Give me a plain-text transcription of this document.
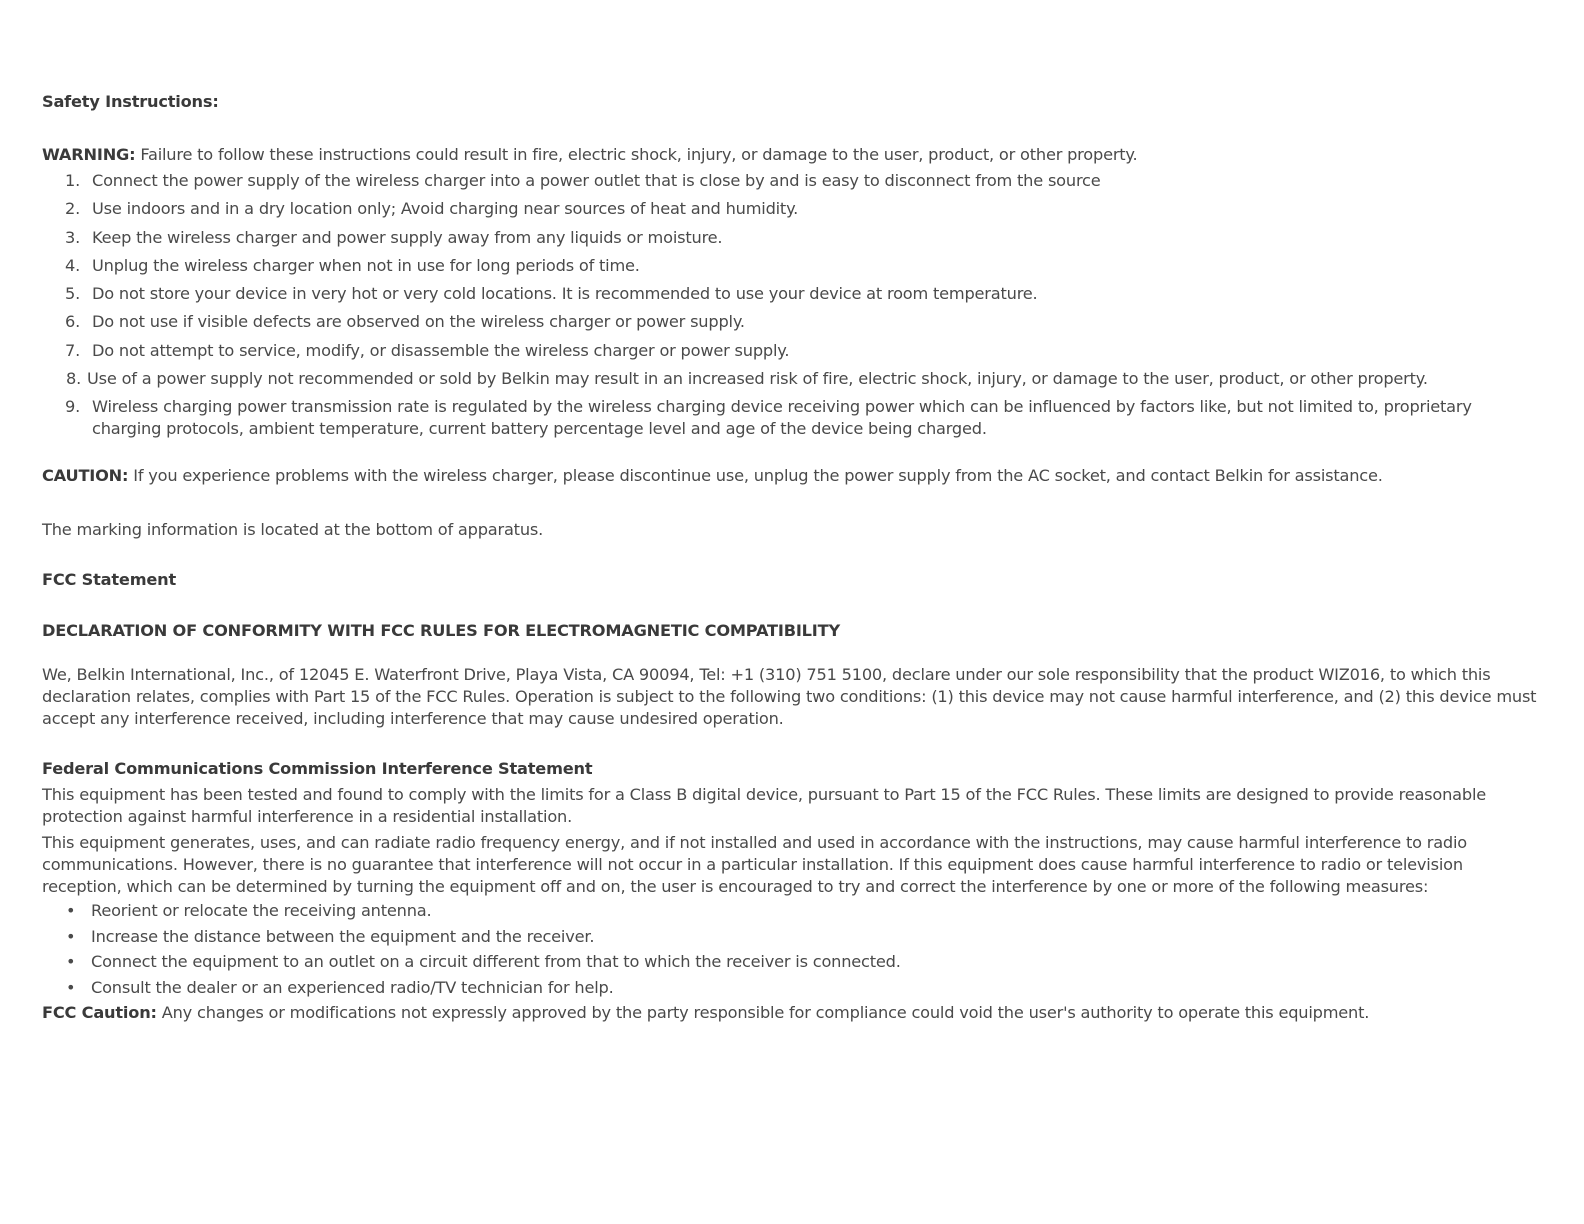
Safety Instructions:

WARNING: Failure to follow these instructions could result in fire, electric shock, injury, or damage to the user, product, or other property.

1. Connect the power supply of the wireless charger into a power outlet that is close by and is easy to disconnect from the source
2. Use indoors and in a dry location only; Avoid charging near sources of heat and humidity.
3. Keep the wireless charger and power supply away from any liquids or moisture.
4. Unplug the wireless charger when not in use for long periods of time.
5. Do not store your device in very hot or very cold locations. It is recommended to use your device at room temperature.
6. Do not use if visible defects are observed on the wireless charger or power supply.
7. Do not attempt to service, modify, or disassemble the wireless charger or power supply.
8. Use of a power supply not recommended or sold by Belkin may result in an increased risk of fire, electric shock, injury, or damage to the user, product, or other property.
9. Wireless charging power transmission rate is regulated by the wireless charging device receiving power which can be influenced by factors like, but not limited to, proprietary charging protocols, ambient temperature, current battery percentage level and age of the device being charged.

CAUTION: If you experience problems with the wireless charger, please discontinue use, unplug the power supply from the AC socket, and contact Belkin for assistance.

The marking information is located at the bottom of apparatus.

FCC Statement

DECLARATION OF CONFORMITY WITH FCC RULES FOR ELECTROMAGNETIC COMPATIBILITY

We, Belkin International, Inc., of 12045 E. Waterfront Drive, Playa Vista, CA 90094, Tel: +1 (310) 751 5100, declare under our sole responsibility that the product WIZ016, to which this declaration relates, complies with Part 15 of the FCC Rules. Operation is subject to the following two conditions: (1) this device may not cause harmful interference, and (2) this device must accept any interference received, including interference that may cause undesired operation.

Federal Communications Commission Interference Statement

This equipment has been tested and found to comply with the limits for a Class B digital device, pursuant to Part 15 of the FCC Rules. These limits are designed to provide reasonable protection against harmful interference in a residential installation.

This equipment generates, uses, and can radiate radio frequency energy, and if not installed and used in accordance with the instructions, may cause harmful interference to radio communications. However, there is no guarantee that interference will not occur in a particular installation. If this equipment does cause harmful interference to radio or television reception, which can be determined by turning the equipment off and on, the user is encouraged to try and correct the interference by one or more of the following measures:

• Reorient or relocate the receiving antenna.
• Increase the distance between the equipment and the receiver.
• Connect the equipment to an outlet on a circuit different from that to which the receiver is connected.
• Consult the dealer or an experienced radio/TV technician for help.

FCC Caution: Any changes or modifications not expressly approved by the party responsible for compliance could void the user's authority to operate this equipment.
